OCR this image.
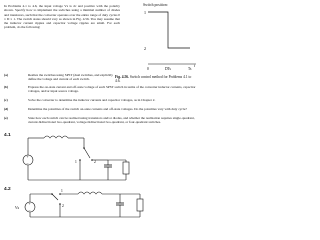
In Problems 4.1 to 4.6, the input voltage Vs is dc and positive with the polarity shown. Specify how to implement the switches using a minimal number of diodes and transistors, such that the converter operates over the entire range of duty cycles 0 ≤ D ≤ 1. The switch states should vary as shown in Fig. 4.56. You may assume that the inductor current ripples and capacitor voltage ripples are small. For each problem, do the following:
Switch position:
1
2
0	DTs	Ts
t
+
–	1	2
+
–
Vs
1
2
Fig. 4.56. Switch control method for Problems 4.1 to 4.6.
(a)	Realize the switches using SPST (dual switches, and explicitly define the voltage and current of each switch.
(b)	Express the on-state current and off-state voltage of each SPST switch in terms of the converter inductor currents, capacitor voltages, and/or input source voltage.
(c)	Solve the converter to determine the inductor currents and capacitor voltages, as in Chapter 2.
(d)	Determine the polarities of the switch on-state currents and off-state voltages. Do the polarities vary with duty cycle?
(e)	State how each switch can be realized using transistors and/or diodes, and whether the realization requires single-quadrant, current-bidirectional two-quadrant, voltage-bidirectional two-quadrant, or four-quadrant switches.
4.1
4.2
